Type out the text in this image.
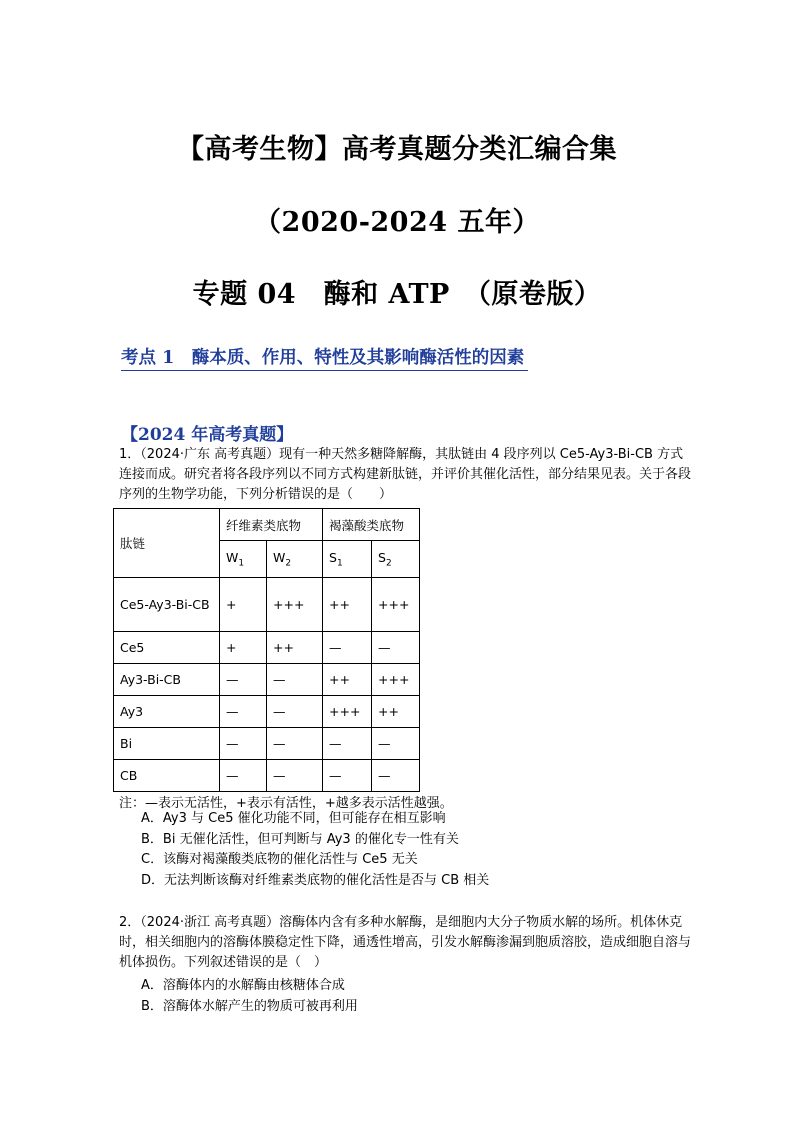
【高考生物】高考真题分类汇编合集
（2020-2024 五年）
专题 04　酶和 ATP　（原卷版）
考点 1　酶本质、作用、特性及其影响酶活性的因素
【2024 年高考真题】
1．（2024·广东 高考真题）现有一种天然多糖降解酶，其肽链由 4 段序列以 Ce5-Ay3-Bi-CB 方式连接而成。研究者将各段序列以不同方式构建新肽链，并评价其催化活性，部分结果见表。关于各段序列的生物学功能，下列分析错误的是（　　）
肽链	纤维素类底物		褐藻酸类底物	
	$W_1$	$W_2$	$S_1$	$S_2$
Ce5-Ay3-Bi-CB	+	+++	++	+++
Ce5	+	++	—	—
Ay3-Bi-CB	—	—	++	+++
Ay3	—	—	+++	++
Bi	—	—	—	—
CB	—	—	—	—
注：—表示无活性，+表示有活性，+越多表示活性越强。
A．Ay3 与 Ce5 催化功能不同，但可能存在相互影响
B．Bi 无催化活性，但可判断与 Ay3 的催化专一性有关
C．该酶对褐藻酸类底物的催化活性与 Ce5 无关
D．无法判断该酶对纤维素类底物的催化活性是否与 CB 相关
2．（2024·浙江 高考真题）溶酶体内含有多种水解酶，是细胞内大分子物质水解的场所。机体休克时，相关细胞内的溶酶体膜稳定性下降，通透性增高，引发水解酶渗漏到胞质溶胶，造成细胞自溶与机体损伤。下列叙述错误的是（　）
A．溶酶体内的水解酶由核糖体合成
B．溶酶体水解产生的物质可被再利用
